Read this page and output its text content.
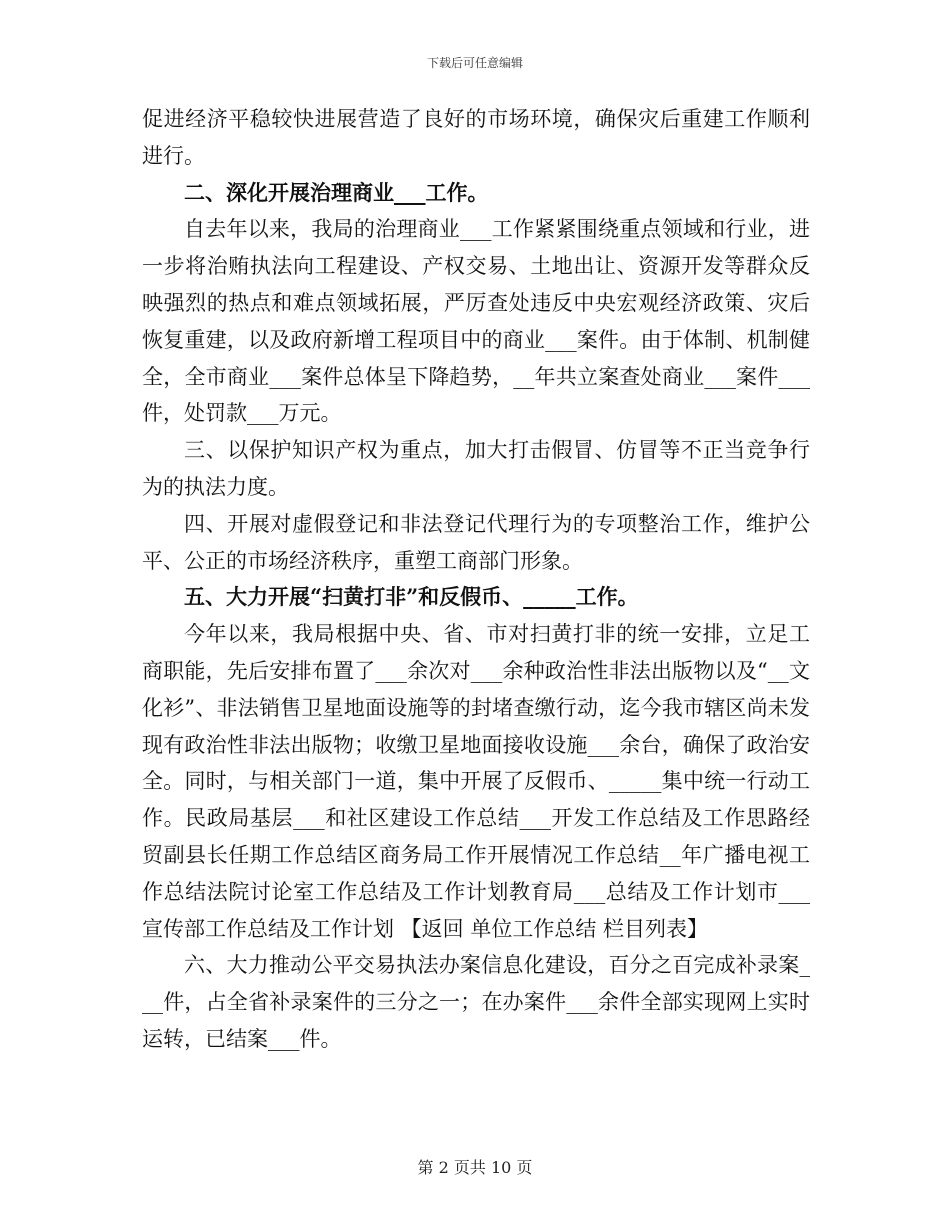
下载后可任意编辑

促进经济平稳较快进展营造了良好的市场环境，确保灾后重建工作顺利进行。

二、深化开展治理商业___工作。

自去年以来，我局的治理商业___工作紧紧围绕重点领域和行业，进一步将治贿执法向工程建设、产权交易、土地出让、资源开发等群众反映强烈的热点和难点领域拓展，严厉查处违反中央宏观经济政策、灾后恢复重建，以及政府新增工程项目中的商业___案件。由于体制、机制健全，全市商业___案件总体呈下降趋势，__年共立案查处商业___案件___件，处罚款___万元。

三、以保护知识产权为重点，加大打击假冒、仿冒等不正当竞争行为的执法力度。

四、开展对虚假登记和非法登记代理行为的专项整治工作，维护公平、公正的市场经济秩序，重塑工商部门形象。

五、大力开展“扫黄打非”和反假币、_____工作。

今年以来，我局根据中央、省、市对扫黄打非的统一安排，立足工商职能，先后安排布置了___余次对___余种政治性非法出版物以及“__文化衫”、非法销售卫星地面设施等的封堵查缴行动，迄今我市辖区尚未发现有政治性非法出版物；收缴卫星地面接收设施___余台，确保了政治安全。同时，与相关部门一道，集中开展了反假币、_____集中统一行动工作。民政局基层___和社区建设工作总结___开发工作总结及工作思路经贸副县长任期工作总结区商务局工作开展情况工作总结__年广播电视工作总结法院讨论室工作总结及工作计划教育局___总结及工作计划市___宣传部工作总结及工作计划 【返回 单位工作总结 栏目列表】

六、大力推动公平交易执法办案信息化建设，百分之百完成补录案___件，占全省补录案件的三分之一；在办案件___余件全部实现网上实时运转，已结案___件。

第 2 页共 10 页
